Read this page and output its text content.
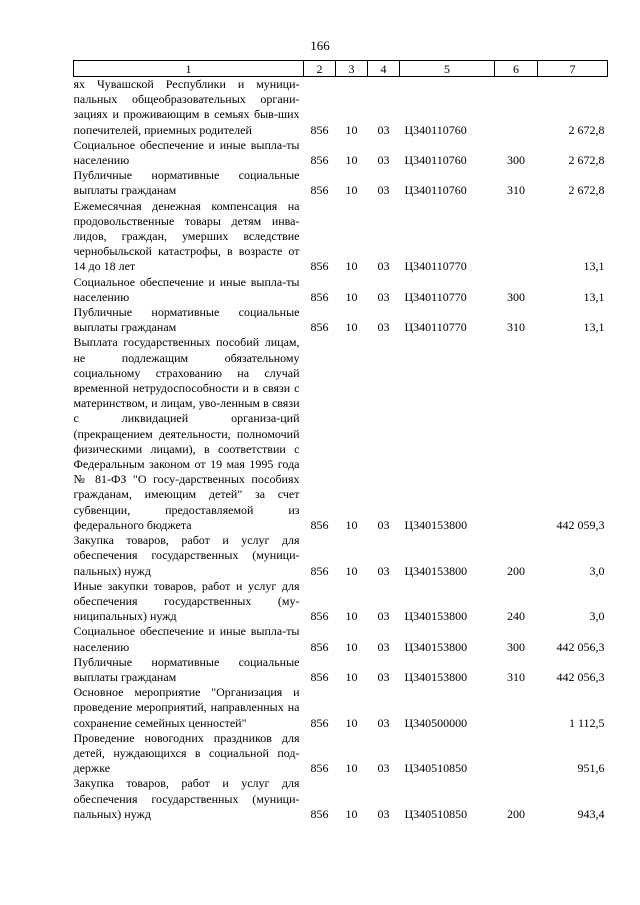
166
1	2	3	4	5	6	7
ях Чувашской Республики и муници-пальных общеобразовательных органи-зациях и проживающим в семьях быв-ших попечителей, приемных родителей	856	10	03	Ц340110760		2 672,8
Социальное обеспечение и иные выпла-ты населению	856	10	03	Ц340110760	300	2 672,8
Публичные нормативные социальные выплаты гражданам	856	10	03	Ц340110760	310	2 672,8
Ежемесячная денежная компенсация на продовольственные товары детям инва-лидов, граждан, умерших вследствие чернобыльской катастрофы, в возрасте от 14 до 18 лет	856	10	03	Ц340110770		13,1
Социальное обеспечение и иные выпла-ты населению	856	10	03	Ц340110770	300	13,1
Публичные нормативные социальные выплаты гражданам	856	10	03	Ц340110770	310	13,1
Выплата государственных пособий лицам, не подлежащим обязательному социальному страхованию на случай временной нетрудоспособности и в связи с материнством, и лицам, уво-ленным в связи с ликвидацией организа-ций (прекращением деятельности, полномочий физическими лицами), в соответствии с Федеральным законом от 19 мая 1995 года № 81-ФЗ "О госу-дарственных пособиях гражданам, имеющим детей" за счет субвенции, предоставляемой из федерального бюджета	856	10	03	Ц340153800		442 059,3
Закупка товаров, работ и услуг для обеспечения государственных (муници-пальных) нужд	856	10	03	Ц340153800	200	3,0
Иные закупки товаров, работ и услуг для обеспечения государственных (му-ниципальных) нужд	856	10	03	Ц340153800	240	3,0
Социальное обеспечение и иные выпла-ты населению	856	10	03	Ц340153800	300	442 056,3
Публичные нормативные социальные выплаты гражданам	856	10	03	Ц340153800	310	442 056,3
Основное мероприятие "Организация и проведение мероприятий, направленных на сохранение семейных ценностей"	856	10	03	Ц340500000		1 112,5
Проведение новогодних праздников для детей, нуждающихся в социальной под-держке	856	10	03	Ц340510850		951,6
Закупка товаров, работ и услуг для обеспечения государственных (муници-пальных) нужд	856	10	03	Ц340510850	200	943,4
